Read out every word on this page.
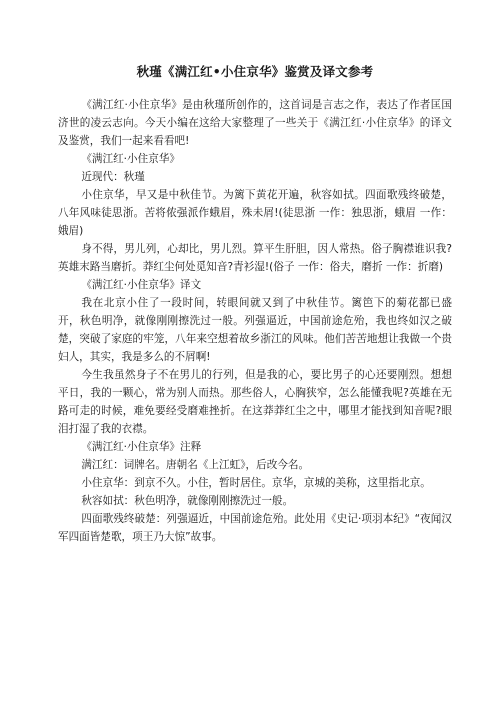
秋瑾《满江红•小住京华》鉴赏及译文参考

《满江红·小住京华》是由秋瑾所创作的，这首词是言志之作，表达了作者匡国济世的凌云志向。今天小编在这给大家整理了一些关于《满江红·小住京华》的译文及鉴赏，我们一起来看看吧!

《满江红·小住京华》

近现代：秋瑾

小住京华，早又是中秋佳节。为篱下黄花开遍，秋容如拭。四面歌残终破楚，八年风味徒思浙。苦将侬强派作蛾眉，殊未屑!(徒思浙 一作：独思浙，蛾眉 一作：娥眉)

身不得，男儿列，心却比，男儿烈。算平生肝胆，因人常热。俗子胸襟谁识我?英雄末路当磨折。莽红尘何处觅知音?青衫湿!(俗子 一作：俗夫，磨折 一作：折磨)

《满江红·小住京华》译文

我在北京小住了一段时间，转眼间就又到了中秋佳节。篱笆下的菊花都已盛开，秋色明净，就像刚刚擦洗过一般。列强逼近，中国前途危殆，我也终如汉之破楚，突破了家庭的牢笼，八年来空想着故乡浙江的风味。他们苦苦地想让我做一个贵妇人，其实，我是多么的不屑啊!

今生我虽然身子不在男儿的行列，但是我的心，要比男子的心还要刚烈。想想平日，我的一颗心，常为别人而热。那些俗人，心胸狭窄，怎么能懂我呢?英雄在无路可走的时候，难免要经受磨难挫折。在这莽莽红尘之中，哪里才能找到知音呢?眼泪打湿了我的衣襟。

《满江红·小住京华》注释

满江红：词牌名。唐朝名《上江虹》，后改今名。

小住京华：到京不久。小住，暂时居住。京华，京城的美称，这里指北京。

秋容如拭：秋色明净，就像刚刚擦洗过一般。

四面歌残终破楚：列强逼近，中国前途危殆。此处用《史记·项羽本纪》“夜闻汉军四面皆楚歌，项王乃大惊”故事。
